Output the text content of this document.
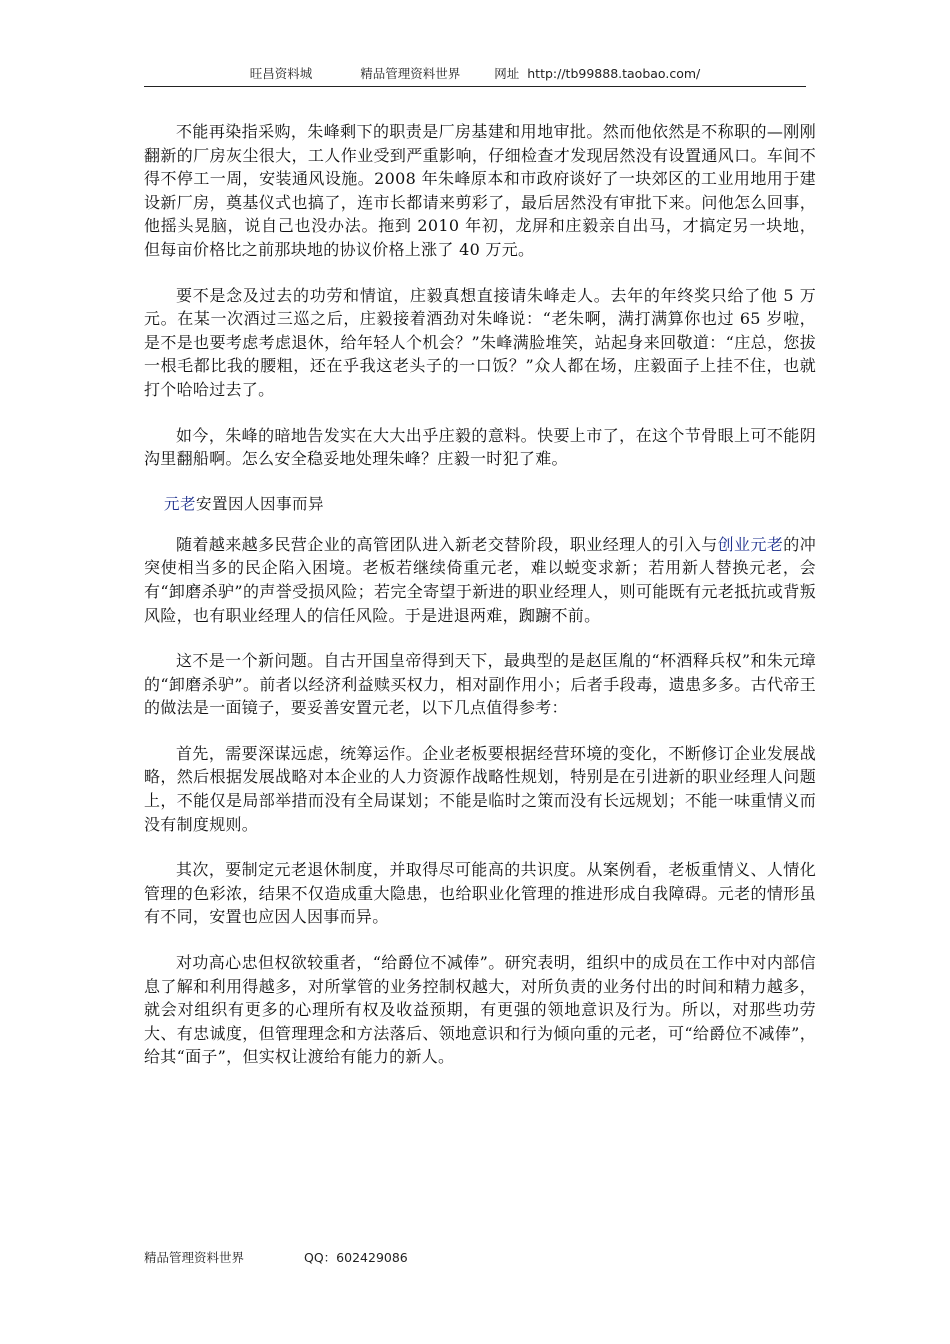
旺昌资料城	精品管理资料世界	网址 http://tb99888.taobao.com/

不能再染指采购，朱峰剩下的职责是厂房基建和用地审批。然而他依然是不称职的—刚刚翻新的厂房灰尘很大，工人作业受到严重影响，仔细检查才发现居然没有设置通风口。车间不得不停工一周，安装通风设施。2008 年朱峰原本和市政府谈好了一块郊区的工业用地用于建设新厂房，奠基仪式也搞了，连市长都请来剪彩了，最后居然没有审批下来。问他怎么回事，他摇头晃脑，说自己也没办法。拖到 2010 年初，龙屏和庄毅亲自出马，才搞定另一块地，但每亩价格比之前那块地的协议价格上涨了 40 万元。

要不是念及过去的功劳和情谊，庄毅真想直接请朱峰走人。去年的年终奖只给了他 5 万元。在某一次酒过三巡之后，庄毅接着酒劲对朱峰说：“老朱啊，满打满算你也过 65 岁啦，是不是也要考虑考虑退休，给年轻人个机会？”朱峰满脸堆笑，站起身来回敬道：“庄总，您拔一根毛都比我的腰粗，还在乎我这老头子的一口饭？”众人都在场，庄毅面子上挂不住，也就打个哈哈过去了。

如今，朱峰的暗地告发实在大大出乎庄毅的意料。快要上市了，在这个节骨眼上可不能阴沟里翻船啊。怎么安全稳妥地处理朱峰？庄毅一时犯了难。

元老安置因人因事而异

随着越来越多民营企业的高管团队进入新老交替阶段，职业经理人的引入与创业元老的冲突使相当多的民企陷入困境。老板若继续倚重元老，难以蜕变求新；若用新人替换元老，会有“卸磨杀驴”的声誉受损风险；若完全寄望于新进的职业经理人，则可能既有元老抵抗或背叛风险，也有职业经理人的信任风险。于是进退两难，踟躕不前。

这不是一个新问题。自古开国皇帝得到天下，最典型的是赵匡胤的“杯酒释兵权”和朱元璋的“卸磨杀驴”。前者以经济利益赎买权力，相对副作用小；后者手段毒，遗患多多。古代帝王的做法是一面镜子，要妥善安置元老，以下几点值得参考：

首先，需要深谋远虑，统筹运作。企业老板要根据经营环境的变化，不断修订企业发展战略，然后根据发展战略对本企业的人力资源作战略性规划，特别是在引进新的职业经理人问题上，不能仅是局部举措而没有全局谋划；不能是临时之策而没有长远规划；不能一味重情义而没有制度规则。

其次，要制定元老退休制度，并取得尽可能高的共识度。从案例看，老板重情义、人情化管理的色彩浓，结果不仅造成重大隐患，也给职业化管理的推进形成自我障碍。元老的情形虽有不同，安置也应因人因事而异。

对功高心忠但权欲较重者，“给爵位不减俸”。研究表明，组织中的成员在工作中对内部信息了解和利用得越多，对所掌管的业务控制权越大，对所负责的业务付出的时间和精力越多，就会对组织有更多的心理所有权及收益预期，有更强的领地意识及行为。所以，对那些功劳大、有忠诚度，但管理理念和方法落后、领地意识和行为倾向重的元老，可“给爵位不减俸”，给其“面子”，但实权让渡给有能力的新人。

精品管理资料世界	QQ：602429086
